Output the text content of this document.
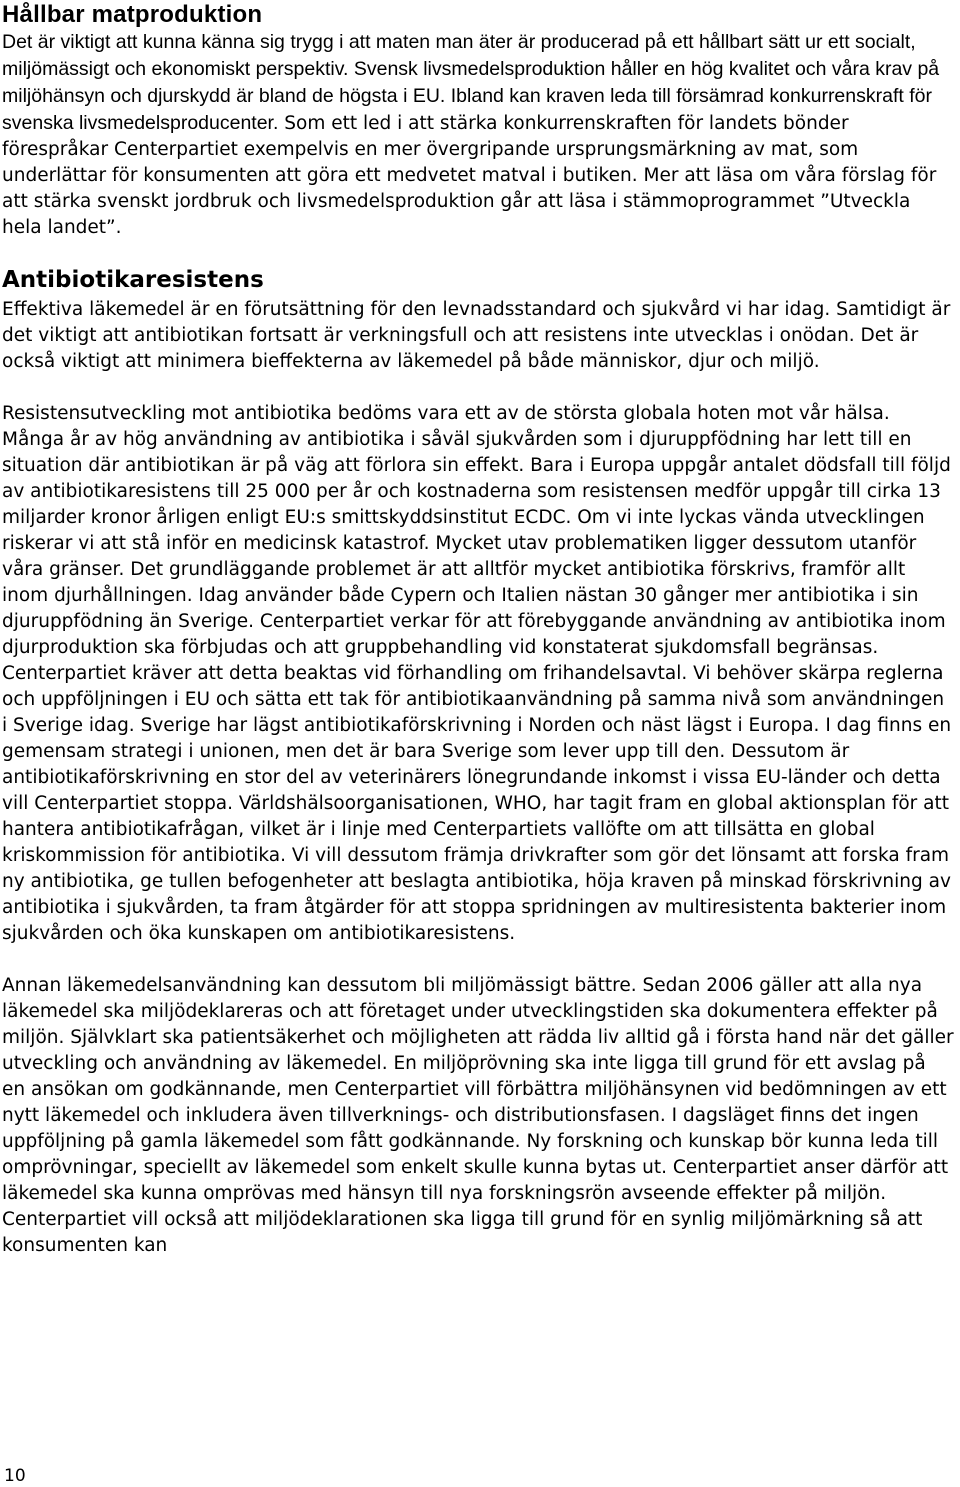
Hållbar matproduktion

Det är viktigt att kunna känna sig trygg i att maten man äter är producerad på ett hållbart sätt ur ett socialt, miljömässigt och ekonomiskt perspektiv. Svensk livsmedelsproduktion håller en hög kvalitet och våra krav på miljöhänsyn och djurskydd är bland de högsta i EU. Ibland kan kraven leda till försämrad konkurrenskraft för svenska livsmedelsproducenter. Som ett led i att stärka konkurrenskraften för landets bönder förespråkar Centerpartiet exempelvis en mer övergripande ursprungsmärkning av mat, som underlättar för konsumenten att göra ett medvetet matval i butiken. Mer att läsa om våra förslag för att stärka svenskt jordbruk och livsmedelsproduktion går att läsa i stämmoprogrammet ”Utveckla hela landet”.

Antibiotikaresistens

Effektiva läkemedel är en förutsättning för den levnadsstandard och sjukvård vi har idag. Samtidigt är det viktigt att antibiotikan fortsatt är verkningsfull och att resistens inte utvecklas i onödan. Det är också viktigt att minimera bieffekterna av läkemedel på både människor, djur och miljö.

Resistensutveckling mot antibiotika bedöms vara ett av de största globala hoten mot vår hälsa. Många år av hög användning av antibiotika i såväl sjukvården som i djuruppfödning har lett till en situation där antibiotikan är på väg att förlora sin effekt. Bara i Europa uppgår antalet dödsfall till följd av antibiotikaresistens till 25 000 per år och kostnaderna som resistensen medför uppgår till cirka 13 miljarder kronor årligen enligt EU:s smittskyddsinstitut ECDC. Om vi inte lyckas vända utvecklingen riskerar vi att stå inför en medicinsk katastrof. Mycket utav problematiken ligger dessutom utanför våra gränser. Det grundläggande problemet är att alltför mycket antibiotika förskrivs, framför allt inom djurhållningen. Idag använder både Cypern och Italien nästan 30 gånger mer antibiotika i sin djuruppfödning än Sverige. Centerpartiet verkar för att förebyggande användning av antibiotika inom djurproduktion ska förbjudas och att gruppbehandling vid konstaterat sjukdomsfall begränsas. Centerpartiet kräver att detta beaktas vid förhandling om frihandelsavtal. Vi behöver skärpa reglerna och uppföljningen i EU och sätta ett tak för antibiotikaanvändning på samma nivå som användningen i Sverige idag. Sverige har lägst antibiotikaförskrivning i Norden och näst lägst i Europa. I dag finns en gemensam strategi i unionen, men det är bara Sverige som lever upp till den. Dessutom är antibiotikaförskrivning en stor del av veterinärers lönegrundande inkomst i vissa EU-länder och detta vill Centerpartiet stoppa. Världshälsoorganisationen, WHO, har tagit fram en global aktionsplan för att hantera antibiotikafrågan, vilket är i linje med Centerpartiets vallöfte om att tillsätta en global kriskommission för antibiotika. Vi vill dessutom främja drivkrafter som gör det lönsamt att forska fram ny antibiotika, ge tullen befogenheter att beslagta antibiotika, höja kraven på minskad förskrivning av antibiotika i sjukvården, ta fram åtgärder för att stoppa spridningen av multiresistenta bakterier inom sjukvården och öka kunskapen om antibiotikaresistens.

Annan läkemedelsanvändning kan dessutom bli miljömässigt bättre. Sedan 2006 gäller att alla nya läkemedel ska miljödeklareras och att företaget under utvecklingstiden ska dokumentera effekter på miljön. Självklart ska patientsäkerhet och möjligheten att rädda liv alltid gå i första hand när det gäller utveckling och användning av läkemedel. En miljöprövning ska inte ligga till grund för ett avslag på en ansökan om godkännande, men Centerpartiet vill förbättra miljöhänsynen vid bedömningen av ett nytt läkemedel och inkludera även tillverknings- och distributionsfasen. I dagsläget finns det ingen uppföljning på gamla läkemedel som fått godkännande. Ny forskning och kunskap bör kunna leda till omprövningar, speciellt av läkemedel som enkelt skulle kunna bytas ut. Centerpartiet anser därför att läkemedel ska kunna omprövas med hänsyn till nya forskningsrön avseende effekter på miljön. Centerpartiet vill också att miljödeklarationen ska ligga till grund för en synlig miljömärkning så att konsumenten kan

10
